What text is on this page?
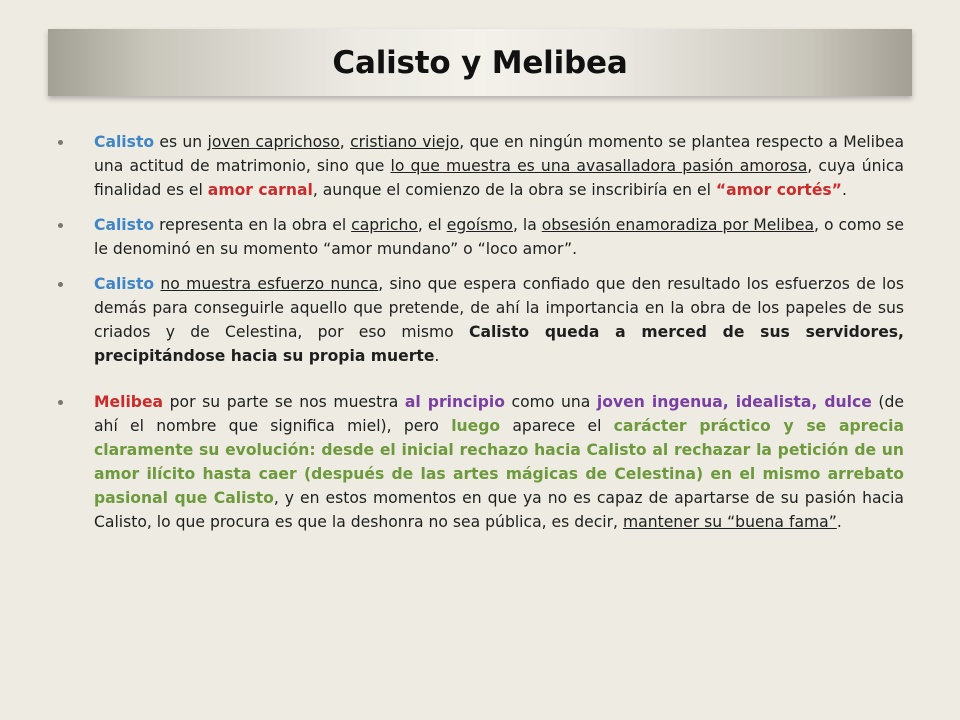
Calisto y Melibea
Calisto es un joven caprichoso, cristiano viejo, que en ningún momento se plantea respecto a Melibea una actitud de matrimonio, sino que lo que muestra es una avasalladora pasión amorosa, cuya única finalidad es el amor carnal, aunque el comienzo de la obra se inscribiría en el “amor cortés”.
Calisto representa en la obra el capricho, el egoísmo, la obsesión enamoradiza por Melibea, o como se le denominó en su momento “amor mundano” o “loco amor”.
Calisto no muestra esfuerzo nunca, sino que espera confiado que den resultado los esfuerzos de los demás para conseguirle aquello que pretende, de ahí la importancia en la obra de los papeles de sus criados y de Celestina, por eso mismo Calisto queda a merced de sus servidores, precipitándose hacia su propia muerte.
Melibea por su parte se nos muestra al principio como una joven ingenua, idealista, dulce (de ahí el nombre que significa miel), pero luego aparece el carácter práctico y se aprecia claramente su evolución: desde el inicial rechazo hacia Calisto al rechazar la petición de un amor ilícito hasta caer (después de las artes mágicas de Celestina) en el mismo arrebato pasional que Calisto, y en estos momentos en que ya no es capaz de apartarse de su pasión hacia Calisto, lo que procura es que la deshonra no sea pública, es decir, mantener su “buena fama”.
